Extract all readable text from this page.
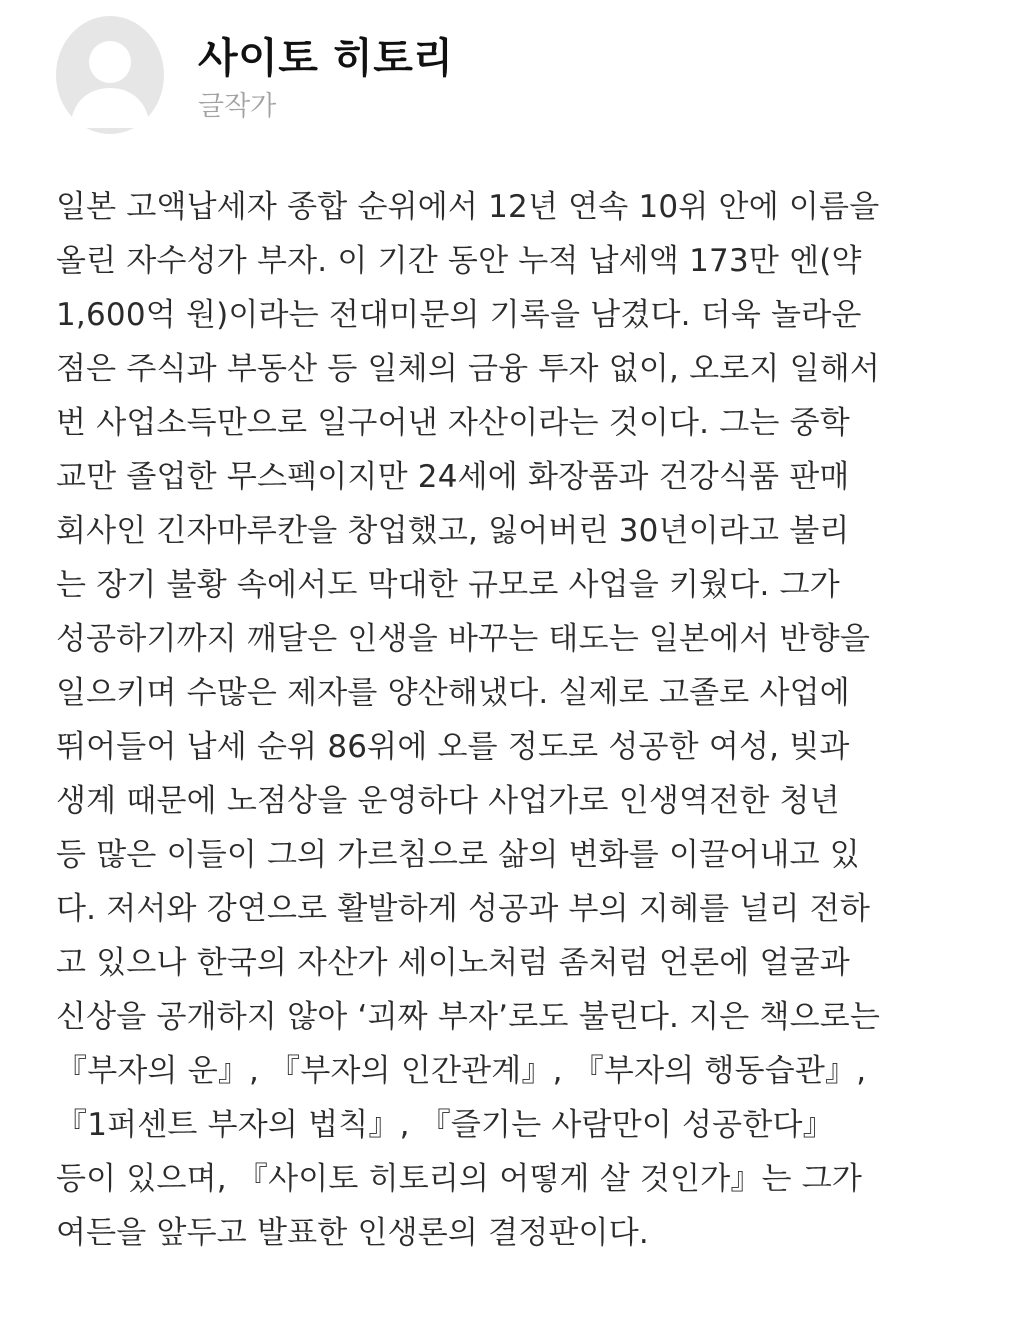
사이토 히토리
글작가
일본 고액납세자 종합 순위에서 12년 연속 10위 안에 이름을
올린 자수성가 부자. 이 기간 동안 누적 납세액 173만 엔(약
1,600억 원)이라는 전대미문의 기록을 남겼다. 더욱 놀라운
점은 주식과 부동산 등 일체의 금융 투자 없이, 오로지 일해서
번 사업소득만으로 일구어낸 자산이라는 것이다. 그는 중학
교만 졸업한 무스펙이지만 24세에 화장품과 건강식품 판매
회사인 긴자마루칸을 창업했고, 잃어버린 30년이라고 불리
는 장기 불황 속에서도 막대한 규모로 사업을 키웠다. 그가
성공하기까지 깨달은 인생을 바꾸는 태도는 일본에서 반향을
일으키며 수많은 제자를 양산해냈다. 실제로 고졸로 사업에
뛰어들어 납세 순위 86위에 오를 정도로 성공한 여성, 빚과
생계 때문에 노점상을 운영하다 사업가로 인생역전한 청년
등 많은 이들이 그의 가르침으로 삶의 변화를 이끌어내고 있
다. 저서와 강연으로 활발하게 성공과 부의 지혜를 널리 전하
고 있으나 한국의 자산가 세이노처럼 좀처럼 언론에 얼굴과
신상을 공개하지 않아 ‘괴짜 부자’로도 불린다. 지은 책으로는
『부자의 운』, 『부자의 인간관계』, 『부자의 행동습관』,
『1퍼센트 부자의 법칙』, 『즐기는 사람만이 성공한다』
등이 있으며, 『사이토 히토리의 어떻게 살 것인가』는 그가
여든을 앞두고 발표한 인생론의 결정판이다.
